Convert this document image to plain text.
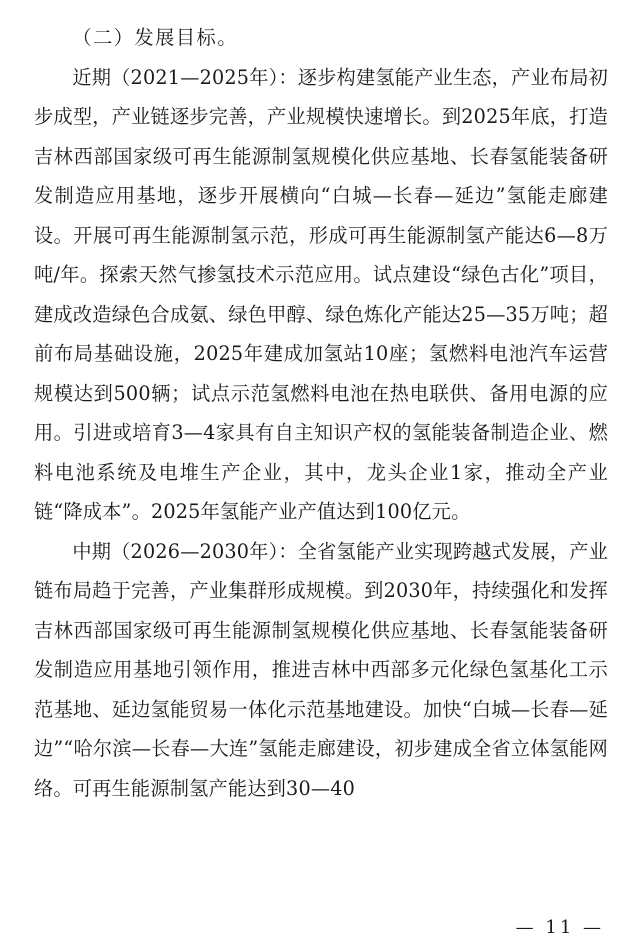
（二）发展目标。

近期（2021—2025年）：逐步构建氢能产业生态，产业布局初步成型，产业链逐步完善，产业规模快速增长。到2025年底，打造吉林西部国家级可再生能源制氢规模化供应基地、长春氢能装备研发制造应用基地，逐步开展横向“白城—长春—延边”氢能走廊建设。开展可再生能源制氢示范，形成可再生能源制氢产能达6—8万吨/年。探索天然气掺氢技术示范应用。试点建设“绿色古化”项目，建成改造绿色合成氨、绿色甲醇、绿色炼化产能达25—35万吨；超前布局基础设施，2025年建成加氢站10座；氢燃料电池汽车运营规模达到500辆；试点示范氢燃料电池在热电联供、备用电源的应用。引进或培育3—4家具有自主知识产权的氢能装备制造企业、燃料电池系统及电堆生产企业，其中，龙头企业1家，推动全产业链“降成本”。2025年氢能产业产值达到100亿元。

中期（2026—2030年）：全省氢能产业实现跨越式发展，产业链布局趋于完善，产业集群形成规模。到2030年，持续强化和发挥吉林西部国家级可再生能源制氢规模化供应基地、长春氢能装备研发制造应用基地引领作用，推进吉林中西部多元化绿色氢基化工示范基地、延边氢能贸易一体化示范基地建设。加快“白城—长春—延边”“哈尔滨—长春—大连”氢能走廊建设，初步建成全省立体氢能网络。可再生能源制氢产能达到30—40

— 11 —
